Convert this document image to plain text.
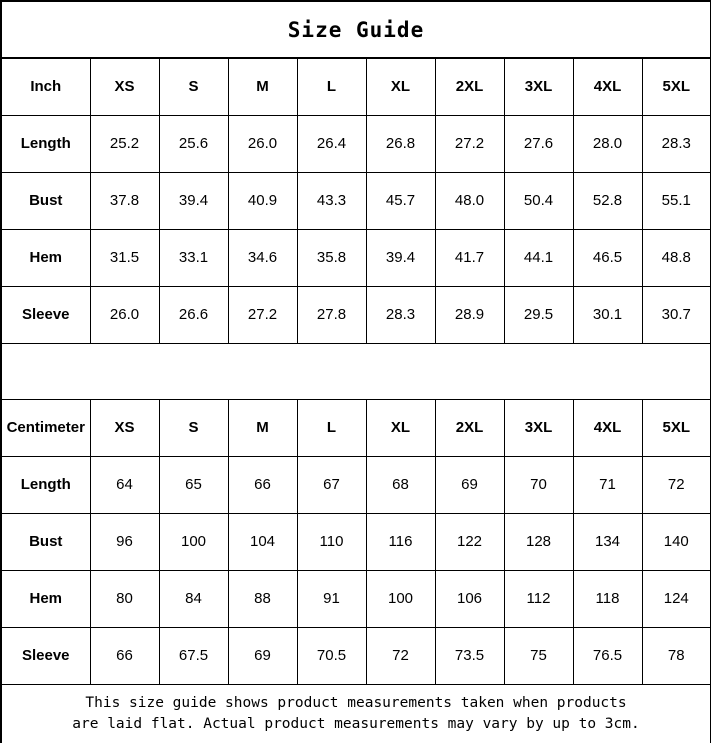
Size Guide									
Inch	XS	S	M	L	XL	2XL	3XL	4XL	5XL
Length	25.2	25.6	26.0	26.4	26.8	27.2	27.6	28.0	28.3
Bust	37.8	39.4	40.9	43.3	45.7	48.0	50.4	52.8	55.1
Hem	31.5	33.1	34.6	35.8	39.4	41.7	44.1	46.5	48.8
Sleeve	26.0	26.6	27.2	27.8	28.3	28.9	29.5	30.1	30.7

Centimeter	XS	S	M	L	XL	2XL	3XL	4XL	5XL
Length	64	65	66	67	68	69	70	71	72
Bust	96	100	104	110	116	122	128	134	140
Hem	80	84	88	91	100	106	112	118	124
Sleeve	66	67.5	69	70.5	72	73.5	75	76.5	78

This size guide shows product measurements taken when products
are laid flat. Actual product measurements may vary by up to 3cm.									
